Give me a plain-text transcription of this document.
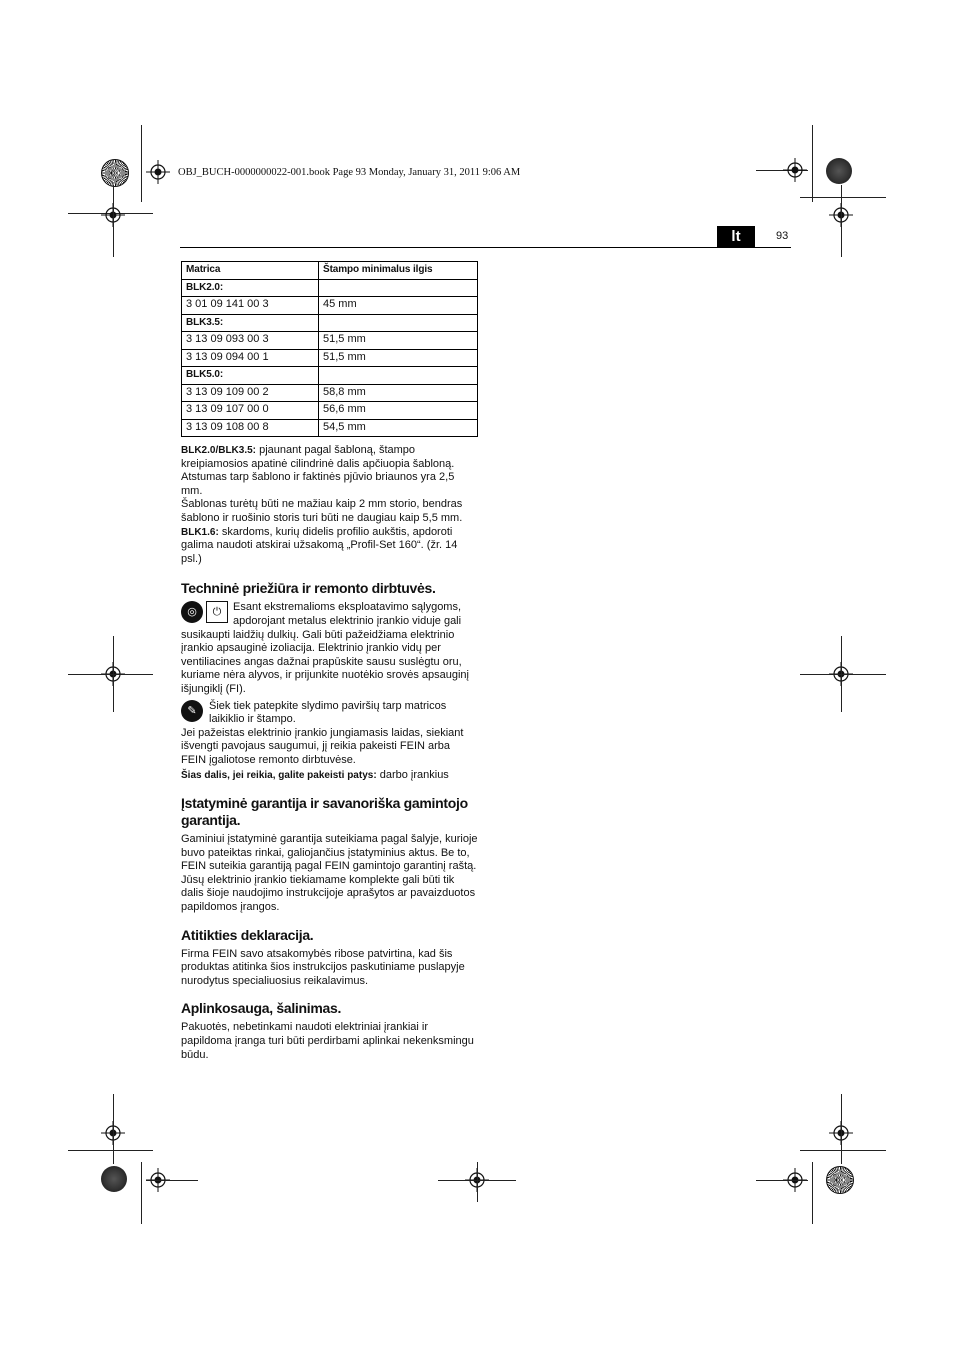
OBJ_BUCH-0000000022-001.book Page 93 Monday, January 31, 2011 9:06 AM
lt	93
Matrica	Štampo minimalus ilgis
BLK2.0:	
3 01 09 141 00 3	45 mm
BLK3.5:	
3 13 09 093 00 3	51,5 mm
3 13 09 094 00 1	51,5 mm
BLK5.0:	
3 13 09 109 00 2	58,8 mm
3 13 09 107 00 0	56,6 mm
3 13 09 108 00 8	54,5 mm

BLK2.0/BLK3.5: pjaunant pagal šabloną, štampo kreipiamosios apatinė cilindrinė dalis apčiuopia šabloną. Atstumas tarp šablono ir faktinės pjūvio briaunos yra 2,5 mm.

Šablonas turėtų būti ne mažiau kaip 2 mm storio, bendras šablono ir ruošinio storis turi būti ne daugiau kaip 5,5 mm.

BLK1.6: skardoms, kurių didelis profilio aukštis, apdoroti galima naudoti atskirai užsakomą „Profil-Set 160“. (žr. 14 psl.)

Techninė priežiūra ir remonto dirbtuvės.

◎ ⏻	Esant ekstremalioms eksploatavimo sąlygoms, apdorojant metalus elektrinio įrankio viduje gali susikaupti laidžių dulkių. Gali būti pažeidžiama elektrinio įrankio apsauginė izoliacija. Elektrinio įrankio vidų per ventiliacines angas dažnai prapūskite sausu suslėgtu oru, kuriame nėra alyvos, ir prijunkite nuotėkio srovės apsauginį išjungiklį (FI).

✎	Šiek tiek patepkite slydimo paviršių tarp matricos laikiklio ir štampo.

Jei pažeistas elektrinio įrankio jungiamasis laidas, siekiant išvengti pavojaus saugumui, jį reikia pakeisti FEIN arba FEIN įgaliotose remonto dirbtuvėse.

Šias dalis, jei reikia, galite pakeisti patys: darbo įrankius

Įstatyminė garantija ir savanoriška gamintojo garantija.

Gaminiui įstatyminė garantija suteikiama pagal šalyje, kurioje buvo pateiktas rinkai, galiojančius įstatyminius aktus. Be to, FEIN suteikia garantiją pagal FEIN gamintojo garantinį raštą.

Jūsų elektrinio įrankio tiekiamame komplekte gali būti tik dalis šioje naudojimo instrukcijoje aprašytos ar pavaizduotos papildomos įrangos.

Atitikties deklaracija.

Firma FEIN savo atsakomybės ribose patvirtina, kad šis produktas atitinka šios instrukcijos paskutiniame puslapyje nurodytus specialiuosius reikalavimus.

Aplinkosauga, šalinimas.

Pakuotės, nebetinkami naudoti elektriniai įrankiai ir papildoma įranga turi būti perdirbami aplinkai nekenksmingu būdu.
